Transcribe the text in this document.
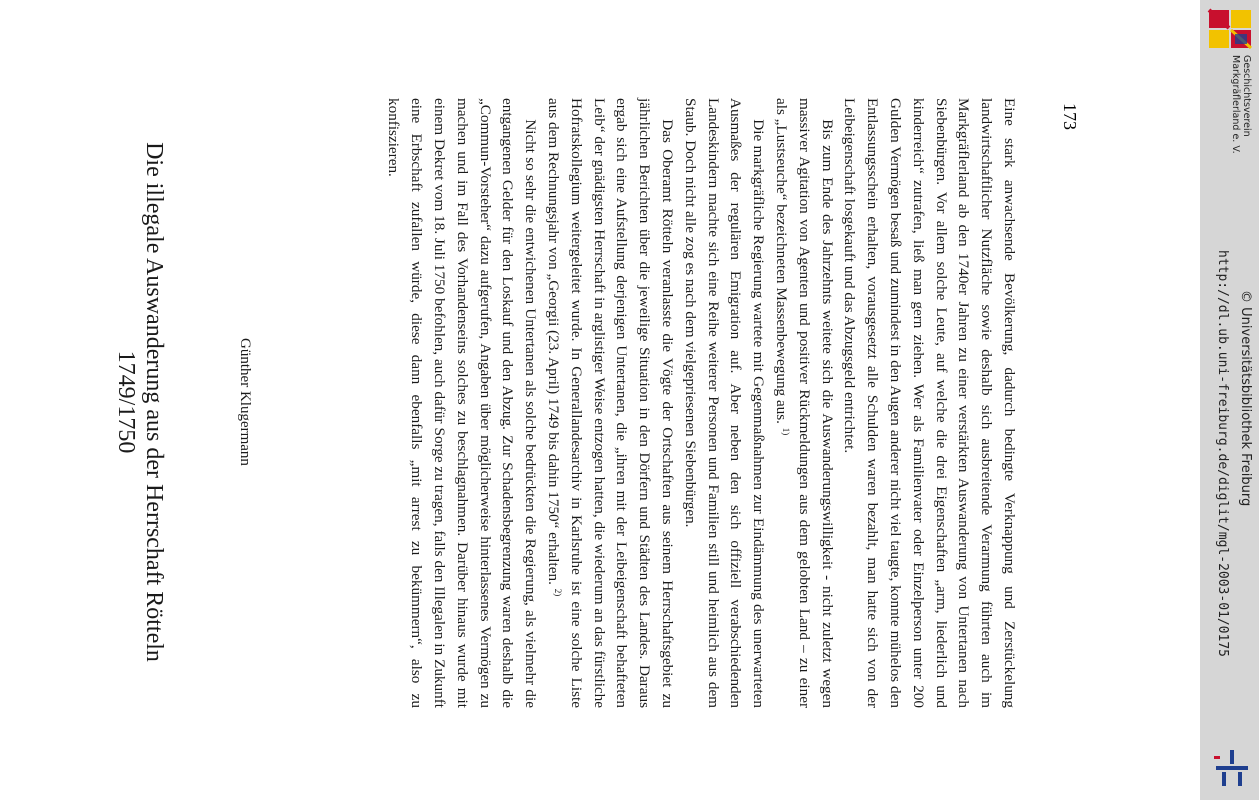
Die illegale Auswanderung aus der Herrschaft Rötteln
1749/1750	Günther Klugermann	Eine stark anwachsende Bevölkerung, dadurch bedingte Verknappung und Zerstückelung landwirtschaftlicher Nutzfläche sowie deshalb sich ausbreitende Verarmung führten auch im Markgräflerland ab den 1740er Jahren zu einer verstärkten Auswanderung von Untertanen nach Siebenbürgen. Vor allem solche Leute, auf welche die drei Eigenschaften „arm, liederlich und kinderreich“ zutrafen, ließ man gern ziehen. Wer als Familienvater oder Einzelperson unter 200 Gulden Vermögen besaß und zumindest in den Augen anderer nicht viel taugte, konnte mühelos den Entlassungsschein erhalten, vorausgesetzt alle Schulden waren bezahlt, man hatte sich von der Leibeigenschaft losgekauft und das Abzugsgeld entrichtet.

Bis zum Ende des Jahrzehnts weitete sich die Auswanderungswilligkeit - nicht zuletzt wegen massiver Agitation von Agenten und positiver Rückmeldungen aus dem gelobten Land – zu einer als „Lustseuche“ bezeichneten Massenbewegung aus. $^{1)}$

Die markgräfliche Regierung wartete mit Gegenmaßnahmen zur Eindämmung des unerwarteten Ausmaßes der regulären Emigration auf. Aber neben den sich offiziell verabschiedenden Landeskindern machte sich eine Reihe weiterer Personen und Familien still und heimlich aus dem Staub. Doch nicht alle zog es nach dem vielgepriesenen Siebenbürgen.

Das Oberamt Rötteln veranlasste die Vögte der Ortschaften aus seinem Herrschaftsgebiet zu jährlichen Berichten über die jeweilige Situation in den Dörfern und Städten des Landes. Daraus ergab sich eine Aufstellung derjenigen Untertanen, die „ihren mit der Leibeigenschaft behafteten Leib“ der gnädigsten Herrschaft in arglistiger Weise entzogen hatten, die wiederum an das fürstliche Hofratskollegium weitergeleitet wurde. In Generallandesarchiv in Karlsruhe ist eine solche Liste aus dem Rechnungsjahr von „Georgii (23. April) 1749 bis dahin 1750“ erhalten. $^{2)}$

Nicht so sehr die entwichenen Untertanen als solche bedrückten die Regierung, als vielmehr die entgangenen Gelder für den Loskauf und den Abzug. Zur Schadensbegrenzung waren deshalb die „Commun-Vorsteher“ dazu aufgerufen, Angaben über möglicherweise hinterlassenes Vermögen zu machen und im Fall des Vorhandenseins solches zu beschlagnahmen. Darüber hinaus wurde mit einem Dekret vom 18. Juli 1750 befohlen, auch dafür Sorge zu tragen, falls den Illegalen in Zukunft eine Erbschaft zufallen würde, diese dann ebenfalls „mit arrest zu bekümmern“, also zu konfiszieren.	173	Geschichtsverein
Markgräflerland e. V.
http://dl.ub.uni-freiburg.de/diglit/mgl-2003-01/0175 © Universitätsbibliothek Freiburg
